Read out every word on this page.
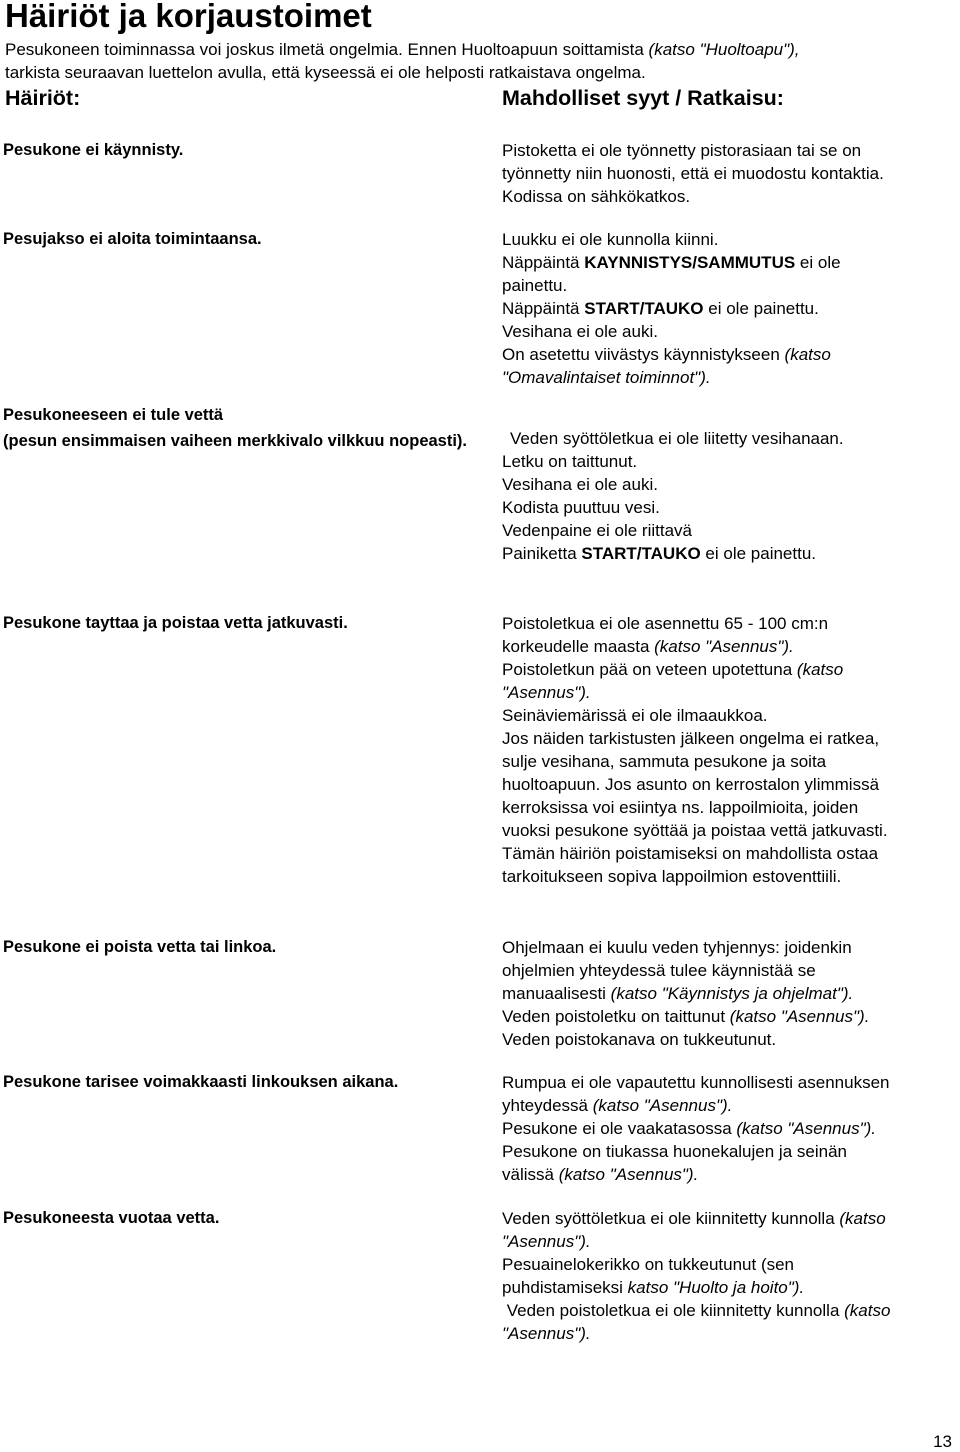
Häiriöt ja korjaustoimet
Pesukoneen toiminnassa voi joskus ilmetä ongelmia. Ennen Huoltoapuun soittamista (katso "Huoltoapu"),
tarkista seuraavan luettelon avulla, että kyseessä ei ole helposti ratkaistava ongelma.
Häiriöt:	Mahdolliset syyt / Ratkaisu:
Pesukone ei käynnisty.	Pistoketta ei ole työnnetty pistorasiaan tai se on
työnnetty niin huonosti, että ei muodostu kontaktia.
Kodissa on sähkökatkos.
Pesujakso ei aloita toimintaansa.	Luukku ei ole kunnolla kiinni.
Näppäintä KAYNNISTYS/SAMMUTUS ei ole
painettu.
Näppäintä START/TAUKO ei ole painettu.
Vesihana ei ole auki.
On asetettu viivästys käynnistykseen (katso
"Omavalintaiset toiminnot").
Pesukoneeseen ei tule vettä
(pesun ensimmaisen vaiheen merkkivalo vilkkuu nopeasti).	Veden syöttöletkua ei ole liitetty vesihanaan.
Letku on taittunut.
Vesihana ei ole auki.
Kodista puuttuu vesi.
Vedenpaine ei ole riittavä
Painiketta START/TAUKO ei ole painettu.
Pesukone tayttaa ja poistaa vetta jatkuvasti.	Poistoletkua ei ole asennettu 65 - 100 cm:n
korkeudelle maasta (katso "Asennus").
Poistoletkun pää on veteen upotettuna (katso
"Asennus").
Seinäviemärissä ei ole ilmaaukkoa.
Jos näiden tarkistusten jälkeen ongelma ei ratkea,
sulje vesihana, sammuta pesukone ja soita
huoltoapuun. Jos asunto on kerrostalon ylimmissä
kerroksissa voi esiintya ns. lappoilmioita, joiden
vuoksi pesukone syöttää ja poistaa vettä jatkuvasti.
Tämän häiriön poistamiseksi on mahdollista ostaa
tarkoitukseen sopiva lappoilmion estoventtiili.
Pesukone ei poista vetta tai linkoa.	Ohjelmaan ei kuulu veden tyhjennys: joidenkin
ohjelmien yhteydessä tulee käynnistää se
manuaalisesti (katso "Käynnistys ja ohjelmat").
Veden poistoletku on taittunut (katso "Asennus").
Veden poistokanava on tukkeutunut.
Pesukone tarisee voimakkaasti linkouksen aikana.	Rumpua ei ole vapautettu kunnollisesti asennuksen
yhteydessä (katso "Asennus").
Pesukone ei ole vaakatasossa (katso "Asennus").
Pesukone on tiukassa huonekalujen ja seinän
välissä (katso "Asennus").
Pesukoneesta vuotaa vetta.	Veden syöttöletkua ei ole kiinnitetty kunnolla (katso
"Asennus").
Pesuainelokerikko on tukkeutunut (sen
puhdistamiseksi katso "Huolto ja hoito").
Veden poistoletkua ei ole kiinnitetty kunnolla (katso
"Asennus").
13
